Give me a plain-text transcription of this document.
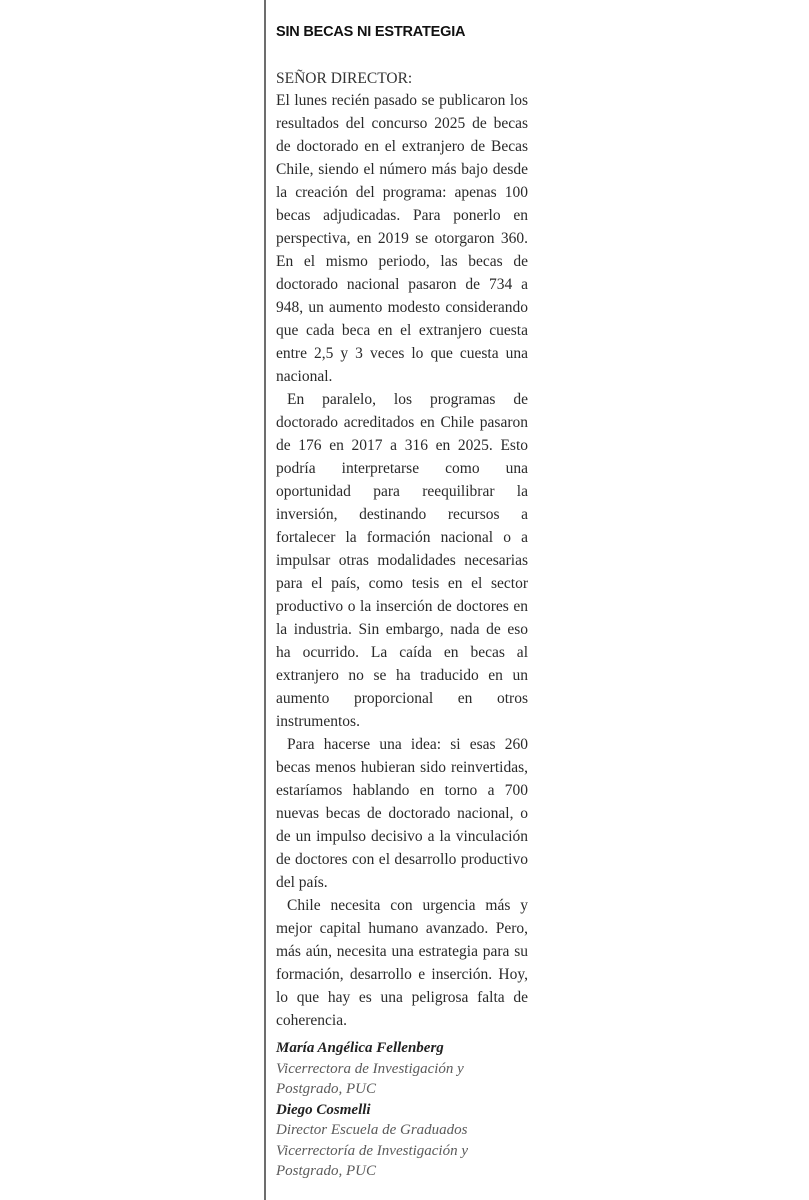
SIN BECAS NI ESTRATEGIA
SEÑOR DIRECTOR:

El lunes recién pasado se publicaron los resultados del concurso 2025 de becas de doctorado en el extranjero de Becas Chile, siendo el número más bajo desde la creación del programa: apenas 100 becas adjudicadas. Para ponerlo en perspectiva, en 2019 se otorgaron 360. En el mismo periodo, las becas de doctorado nacional pasaron de 734 a 948, un aumento modesto considerando que cada beca en el extranjero cuesta entre 2,5 y 3 veces lo que cuesta una nacional.

En paralelo, los programas de doctorado acreditados en Chile pasaron de 176 en 2017 a 316 en 2025. Esto podría interpretarse como una oportunidad para reequilibrar la inversión, destinando recursos a fortalecer la formación nacional o a impulsar otras modalidades necesarias para el país, como tesis en el sector productivo o la inserción de doctores en la industria. Sin embargo, nada de eso ha ocurrido. La caída en becas al extranjero no se ha traducido en un aumento proporcional en otros instrumentos.

Para hacerse una idea: si esas 260 becas menos hubieran sido reinvertidas, estaríamos hablando en torno a 700 nuevas becas de doctorado nacional, o de un impulso decisivo a la vinculación de doctores con el desarrollo productivo del país.

Chile necesita con urgencia más y mejor capital humano avanzado. Pero, más aún, necesita una estrategia para su formación, desarrollo e inserción. Hoy, lo que hay es una peligrosa falta de coherencia.

María Angélica Fellenberg
Vicerrectora de Investigación y
Postgrado, PUC
Diego Cosmelli
Director Escuela de Graduados
Vicerrectoría de Investigación y
Postgrado, PUC
